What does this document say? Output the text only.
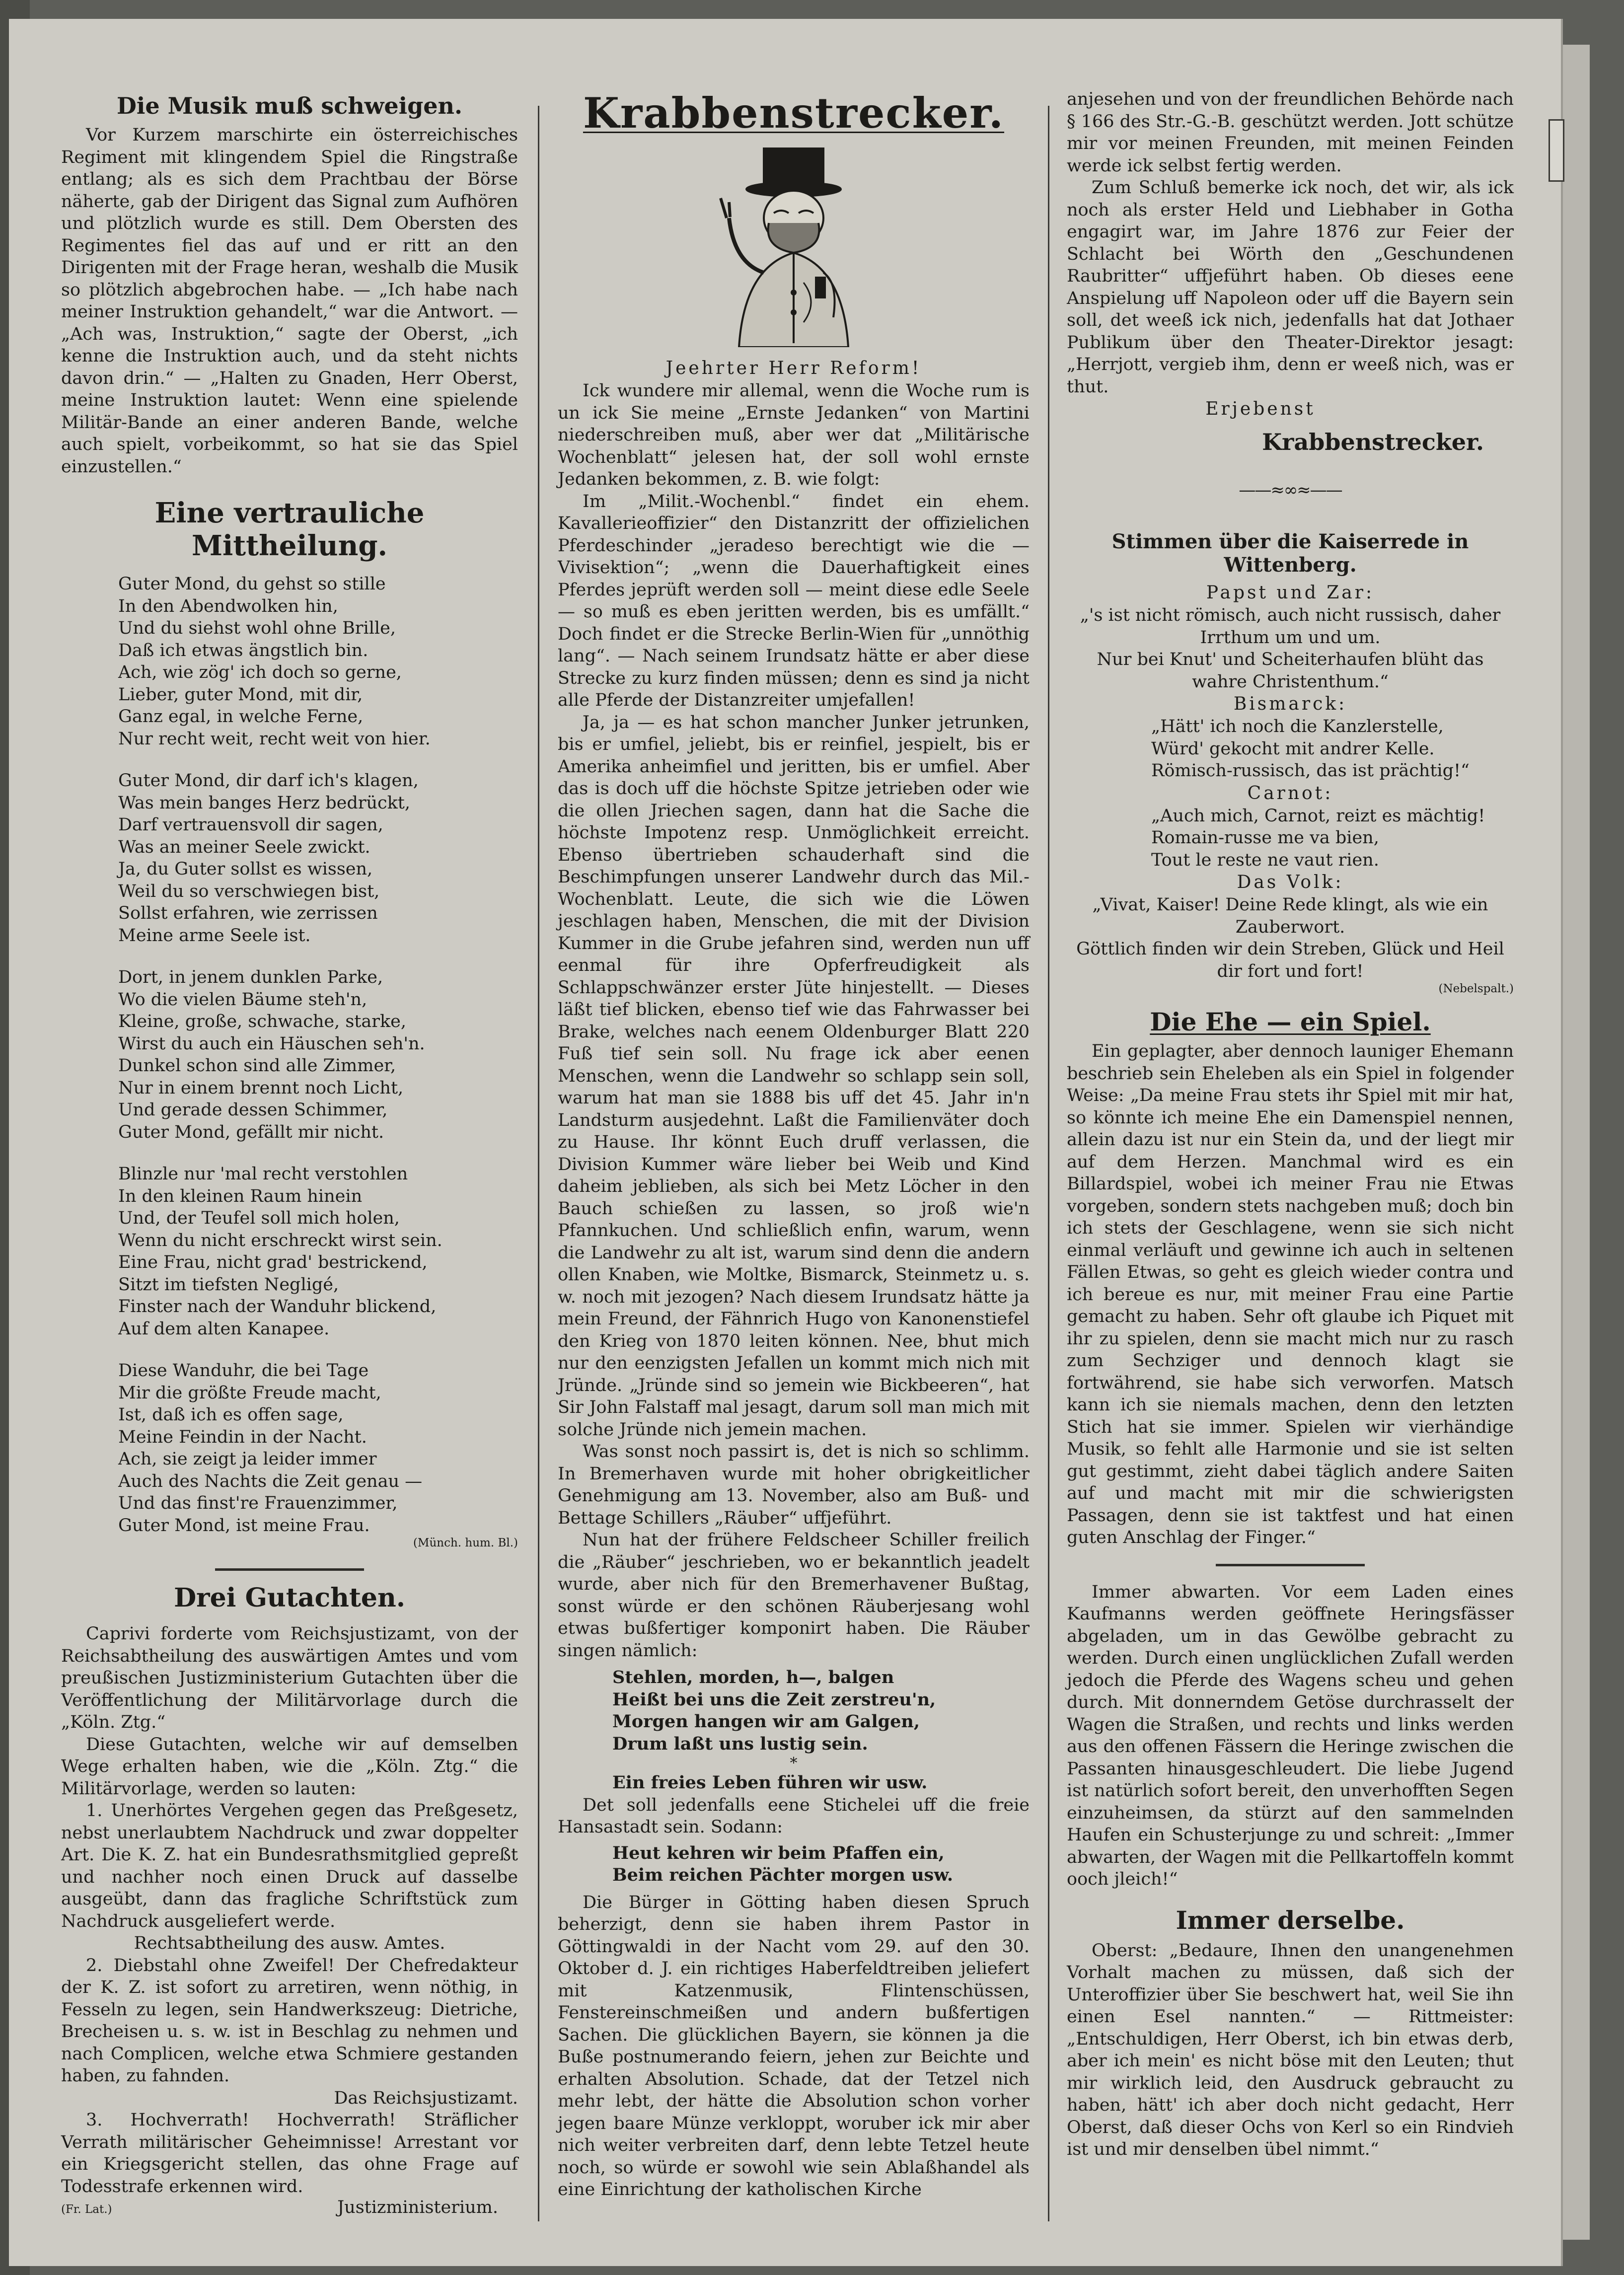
Die Musik muß schweigen.

Vor Kurzem marschirte ein österreichisches Regiment mit klingendem Spiel die Ringstraße entlang; als es sich dem Prachtbau der Börse näherte, gab der Dirigent das Signal zum Aufhören und plötzlich wurde es still. Dem Obersten des Regimentes fiel das auf und er ritt an den Dirigenten mit der Frage heran, weshalb die Musik so plötzlich abgebrochen habe. — „Ich habe nach meiner Instruktion gehandelt,“ war die Antwort. — „Ach was, Instruktion,“ sagte der Oberst, „ich kenne die Instruktion auch, und da steht nichts davon drin.“ — „Halten zu Gnaden, Herr Oberst, meine Instruktion lautet: Wenn eine spielende Militär-Bande an einer anderen Bande, welche auch spielt, vorbeikommt, so hat sie das Spiel einzustellen.“

Eine vertrauliche Mittheilung.

Guter Mond, du gehst so stille

In den Abendwolken hin,

Und du siehst wohl ohne Brille,

Daß ich etwas ängstlich bin.

Ach, wie zög' ich doch so gerne,

Lieber, guter Mond, mit dir,

Ganz egal, in welche Ferne,

Nur recht weit, recht weit von hier.

Guter Mond, dir darf ich's klagen,

Was mein banges Herz bedrückt,

Darf vertrauensvoll dir sagen,

Was an meiner Seele zwickt.

Ja, du Guter sollst es wissen,

Weil du so verschwiegen bist,

Sollst erfahren, wie zerrissen

Meine arme Seele ist.

Dort, in jenem dunklen Parke,

Wo die vielen Bäume steh'n,

Kleine, große, schwache, starke,

Wirst du auch ein Häuschen seh'n.

Dunkel schon sind alle Zimmer,

Nur in einem brennt noch Licht,

Und gerade dessen Schimmer,

Guter Mond, gefällt mir nicht.

Blinzle nur 'mal recht verstohlen

In den kleinen Raum hinein

Und, der Teufel soll mich holen,

Wenn du nicht erschreckt wirst sein.

Eine Frau, nicht grad' bestrickend,

Sitzt im tiefsten Negligé,

Finster nach der Wanduhr blickend,

Auf dem alten Kanapee.

Diese Wanduhr, die bei Tage

Mir die größte Freude macht,

Ist, daß ich es offen sage,

Meine Feindin in der Nacht.

Ach, sie zeigt ja leider immer

Auch des Nachts die Zeit genau —

Und das finst're Frauenzimmer,

Guter Mond, ist meine Frau.

(Münch. hum. Bl.)

Drei Gutachten.

Caprivi forderte vom Reichsjustizamt, von der Reichsabtheilung des auswärtigen Amtes und vom preußischen Justizministerium Gutachten über die Veröffentlichung der Militärvorlage durch die „Köln. Ztg.“

Diese Gutachten, welche wir auf demselben Wege erhalten haben, wie die „Köln. Ztg.“ die Militärvorlage, werden so lauten:

1. Unerhörtes Vergehen gegen das Preßgesetz, nebst unerlaubtem Nachdruck und zwar doppelter Art. Die K. Z. hat ein Bundesrathsmitglied gepreßt und nachher noch einen Druck auf dasselbe ausgeübt, dann das fragliche Schriftstück zum Nachdruck ausgeliefert werde.

Rechtsabtheilung des ausw. Amtes.

2. Diebstahl ohne Zweifel! Der Chefredakteur der K. Z. ist sofort zu arretiren, wenn nöthig, in Fesseln zu legen, sein Handwerkszeug: Dietriche, Brecheisen u. s. w. ist in Beschlag zu nehmen und nach Complicen, welche etwa Schmiere gestanden haben, zu fahnden.

Das Reichsjustizamt.

3. Hochverrath! Hochverrath! Sträflicher Verrath militärischer Geheimnisse! Arrestant vor ein Kriegsgericht stellen, das ohne Frage auf Todesstrafe erkennen wird.

(Fr. Lat.)	Justizministerium.

Krabbenstrecker.

Jeehrter Herr Reform!

Ick wundere mir allemal, wenn die Woche rum is un ick Sie meine „Ernste Jedanken“ von Martini niederschreiben muß, aber wer dat „Militärische Wochenblatt“ jelesen hat, der soll wohl ernste Jedanken bekommen, z. B. wie folgt:

Im „Milit.-Wochenbl.“ findet ein ehem. Kavallerieoffizier“ den Distanzritt der offizielichen Pferdeschinder „jeradeso berechtigt wie die — Vivisektion“; „wenn die Dauerhaftigkeit eines Pferdes jeprüft werden soll — meint diese edle Seele — so muß es eben jeritten werden, bis es umfällt.“ Doch findet er die Strecke Berlin-Wien für „unnöthig lang“. — Nach seinem Irundsatz hätte er aber diese Strecke zu kurz finden müssen; denn es sind ja nicht alle Pferde der Distanzreiter umjefallen!

Ja, ja — es hat schon mancher Junker jetrunken, bis er umfiel, jeliebt, bis er reinfiel, jespielt, bis er Amerika anheimfiel und jeritten, bis er umfiel. Aber das is doch uff die höchste Spitze jetrieben oder wie die ollen Jriechen sagen, dann hat die Sache die höchste Impotenz resp. Unmöglichkeit erreicht. Ebenso übertrieben schauderhaft sind die Beschimpfungen unserer Landwehr durch das Mil.-Wochenblatt. Leute, die sich wie die Löwen jeschlagen haben, Menschen, die mit der Division Kummer in die Grube jefahren sind, werden nun uff eenmal für ihre Opferfreudigkeit als Schlappschwänzer erster Jüte hinjestellt. — Dieses läßt tief blicken, ebenso tief wie das Fahrwasser bei Brake, welches nach eenem Oldenburger Blatt 220 Fuß tief sein soll. Nu frage ick aber eenen Menschen, wenn die Landwehr so schlapp sein soll, warum hat man sie 1888 bis uff det 45. Jahr in'n Landsturm ausjedehnt. Laßt die Familienväter doch zu Hause. Ihr könnt Euch druff verlassen, die Division Kummer wäre lieber bei Weib und Kind daheim jeblieben, als sich bei Metz Löcher in den Bauch schießen zu lassen, so jroß wie'n Pfannkuchen. Und schließlich enfin, warum, wenn die Landwehr zu alt ist, warum sind denn die andern ollen Knaben, wie Moltke, Bismarck, Steinmetz u. s. w. noch mit jezogen? Nach diesem Irundsatz hätte ja mein Freund, der Fähnrich Hugo von Kanonenstiefel den Krieg von 1870 leiten können. Nee, bhut mich nur den eenzigsten Jefallen un kommt mich nich mit Jründe. „Jründe sind so jemein wie Bickbeeren“, hat Sir John Falstaff mal jesagt, darum soll man mich mit solche Jründe nich jemein machen.

Was sonst noch passirt is, det is nich so schlimm. In Bremerhaven wurde mit hoher obrigkeitlicher Genehmigung am 13. November, also am Buß- und Bettage Schillers „Räuber“ uffjeführt.

Nun hat der frühere Feldscheer Schiller freilich die „Räuber“ jeschrieben, wo er bekanntlich jeadelt wurde, aber nich für den Bremerhavener Bußtag, sonst würde er den schönen Räuberjesang wohl etwas bußfertiger komponirt haben. Die Räuber singen nämlich:

Stehlen, morden, h—, balgen

Heißt bei uns die Zeit zerstreu'n,

Morgen hangen wir am Galgen,

Drum laßt uns lustig sein.

*

Ein freies Leben führen wir usw.

Det soll jedenfalls eene Stichelei uff die freie Hansastadt sein. Sodann:

Heut kehren wir beim Pfaffen ein,

Beim reichen Pächter morgen usw.

Die Bürger in Götting haben diesen Spruch beherzigt, denn sie haben ihrem Pastor in Göttingwaldi in der Nacht vom 29. auf den 30. Oktober d. J. ein richtiges Haberfeldtreiben jeliefert mit Katzenmusik, Flintenschüssen, Fenstereinschmeißen und andern bußfertigen Sachen. Die glücklichen Bayern, sie können ja die Buße postnumerando feiern, jehen zur Beichte und erhalten Absolution. Schade, dat der Tetzel nich mehr lebt, der hätte die Absolution schon vorher jegen baare Münze verkloppt, woruber ick mir aber nich weiter verbreiten darf, denn lebte Tetzel heute noch, so würde er sowohl wie sein Ablaßhandel als eine Einrichtung der katholischen Kirche

anjesehen und von der freundlichen Behörde nach § 166 des Str.-G.-B. geschützt werden. Jott schütze mir vor meinen Freunden, mit meinen Feinden werde ick selbst fertig werden.

Zum Schluß bemerke ick noch, det wir, als ick noch als erster Held und Liebhaber in Gotha engagirt war, im Jahre 1876 zur Feier der Schlacht bei Wörth den „Geschundenen Raubritter“ uffjeführt haben. Ob dieses eene Anspielung uff Napoleon oder uff die Bayern sein soll, det weeß ick nich, jedenfalls hat dat Jothaer Publikum über den Theater-Direktor jesagt: „Herrjott, vergieb ihm, denn er weeß nich, was er thut.

Erjebenst

Krabbenstrecker.

——≈∞≈——

Stimmen über die Kaiserrede in Wittenberg.

Papst und Zar:

„'s ist nicht römisch, auch nicht russisch, daher Irrthum um und um.

Nur bei Knut' und Scheiterhaufen blüht das wahre Christenthum.“

Bismarck:

„Hätt' ich noch die Kanzlerstelle,

Würd' gekocht mit andrer Kelle.

Römisch-russisch, das ist prächtig!“

Carnot:

„Auch mich, Carnot, reizt es mächtig!

Romain-russe me va bien,

Tout le reste ne vaut rien.

Das Volk:

„Vivat, Kaiser! Deine Rede klingt, als wie ein Zauberwort.

Göttlich finden wir dein Streben, Glück und Heil dir fort und fort!

(Nebelspalt.)

Die Ehe — ein Spiel.

Ein geplagter, aber dennoch launiger Ehemann beschrieb sein Eheleben als ein Spiel in folgender Weise: „Da meine Frau stets ihr Spiel mit mir hat, so könnte ich meine Ehe ein Damenspiel nennen, allein dazu ist nur ein Stein da, und der liegt mir auf dem Herzen. Manchmal wird es ein Billardspiel, wobei ich meiner Frau nie Etwas vorgeben, sondern stets nachgeben muß; doch bin ich stets der Geschlagene, wenn sie sich nicht einmal verläuft und gewinne ich auch in seltenen Fällen Etwas, so geht es gleich wieder contra und ich bereue es nur, mit meiner Frau eine Partie gemacht zu haben. Sehr oft glaube ich Piquet mit ihr zu spielen, denn sie macht mich nur zu rasch zum Sechziger und dennoch klagt sie fortwährend, sie habe sich verworfen. Matsch kann ich sie niemals machen, denn den letzten Stich hat sie immer. Spielen wir vierhändige Musik, so fehlt alle Harmonie und sie ist selten gut gestimmt, zieht dabei täglich andere Saiten auf und macht mit mir die schwierigsten Passagen, denn sie ist taktfest und hat einen guten Anschlag der Finger.“

Immer abwarten. Vor eem Laden eines Kaufmanns werden geöffnete Heringsfässer abgeladen, um in das Gewölbe gebracht zu werden. Durch einen unglücklichen Zufall werden jedoch die Pferde des Wagens scheu und gehen durch. Mit donnerndem Getöse durchrasselt der Wagen die Straßen, und rechts und links werden aus den offenen Fässern die Heringe zwischen die Passanten hinausgeschleudert. Die liebe Jugend ist natürlich sofort bereit, den unverhofften Segen einzuheimsen, da stürzt auf den sammelnden Haufen ein Schusterjunge zu und schreit: „Immer abwarten, der Wagen mit die Pellkartoffeln kommt ooch jleich!“

Immer derselbe.

Oberst: „Bedaure, Ihnen den unangenehmen Vorhalt machen zu müssen, daß sich der Unteroffizier über Sie beschwert hat, weil Sie ihn einen Esel nannten.“ — Rittmeister: „Entschuldigen, Herr Oberst, ich bin etwas derb, aber ich mein' es nicht böse mit den Leuten; thut mir wirklich leid, den Ausdruck gebraucht zu haben, hätt' ich aber doch nicht gedacht, Herr Oberst, daß dieser Ochs von Kerl so ein Rindvieh ist und mir denselben übel nimmt.“
